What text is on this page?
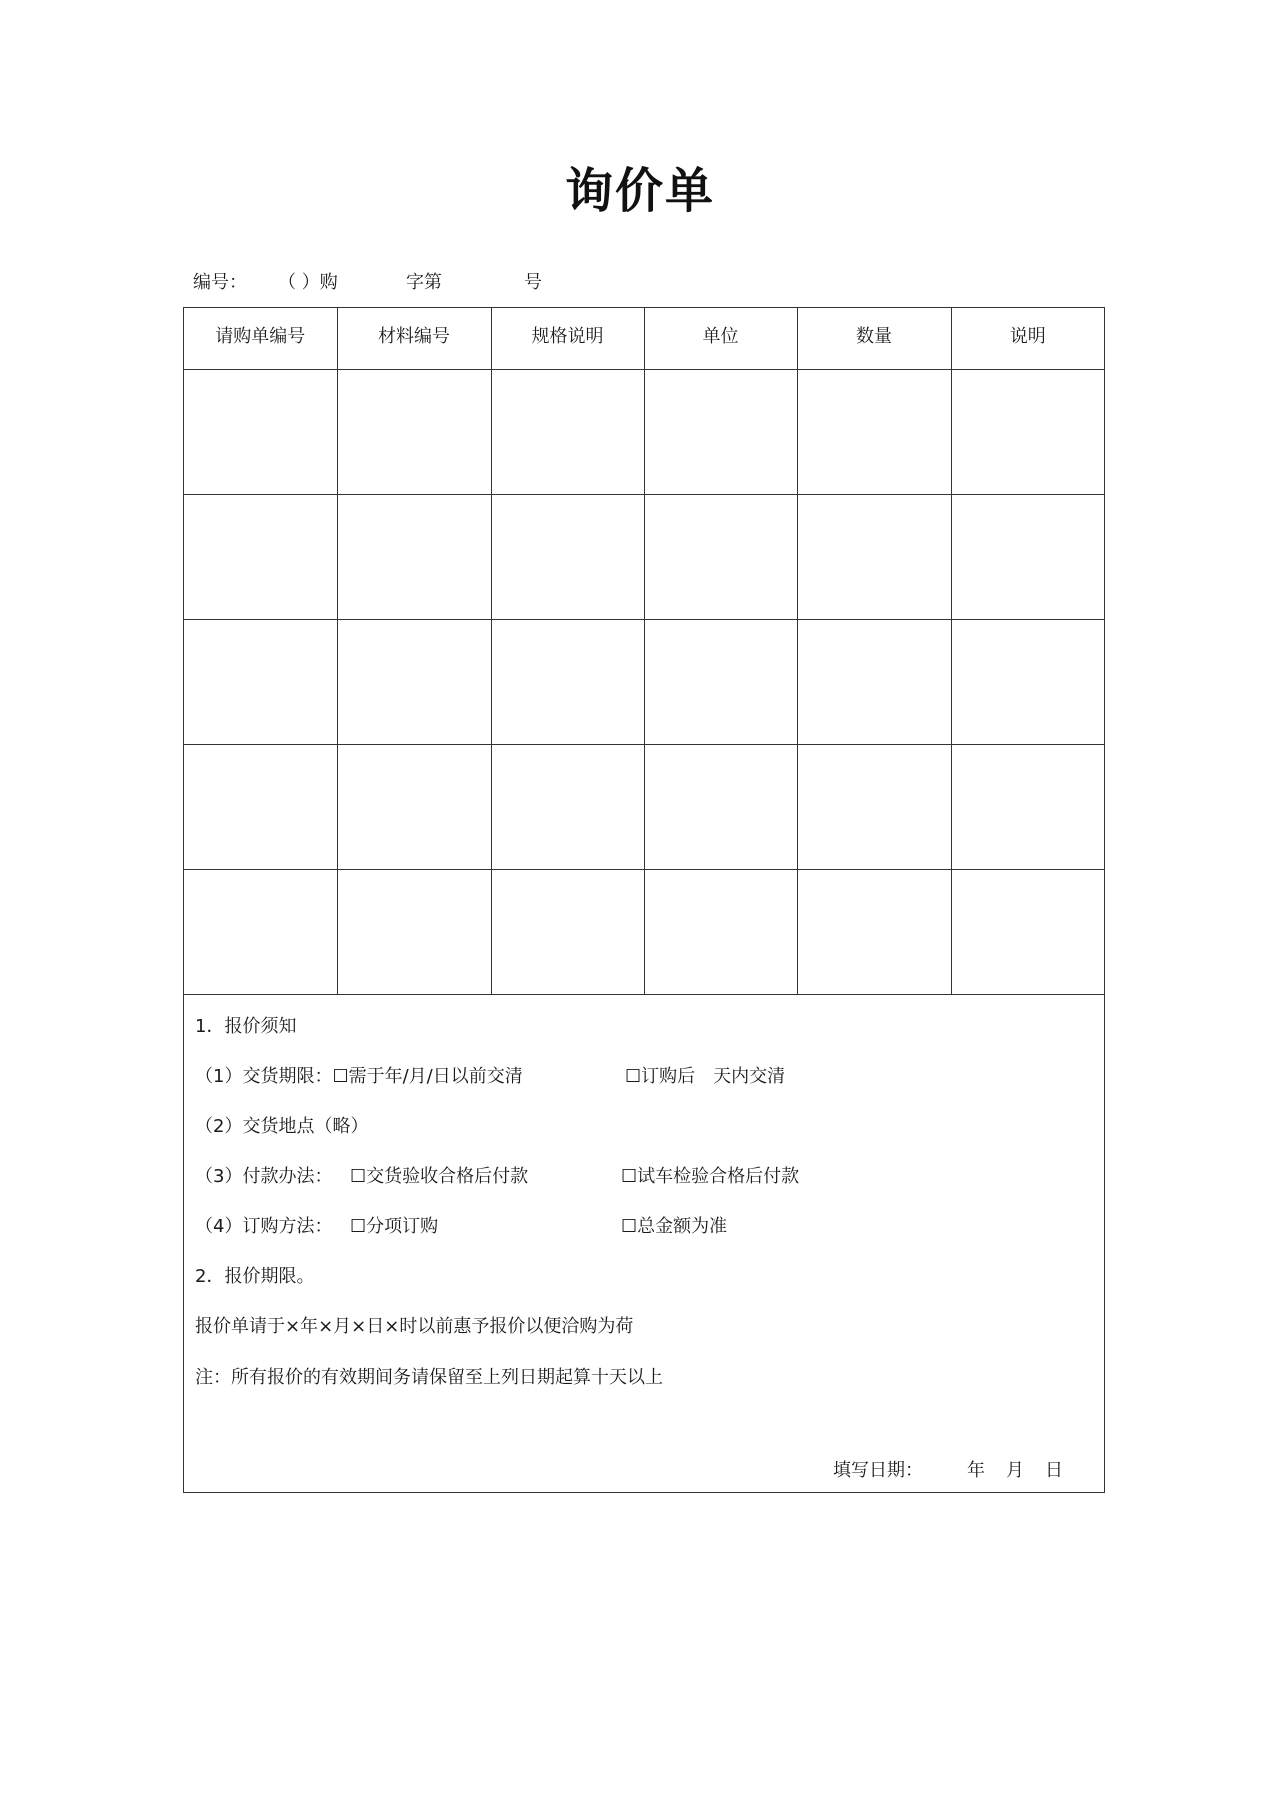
询价单
编号： （ ）购	字第	号
请购单编号	材料编号	规格说明	单位	数量	说明

1．报价须知
（1）交货期限：☐需于年/月/日以前交清	☐订购后　天内交清
（2）交货地点（略）
（3）付款办法： ☐交货验收合格后付款	☐试车检验合格后付款
（4）订购方法： ☐分项订购	☐总金额为准
2．报价期限。
报价单请于×年×月×日×时以前惠予报价以便洽购为荷
注：所有报价的有效期间务请保留至上列日期起算十天以上
填写日期： 年 月 日
